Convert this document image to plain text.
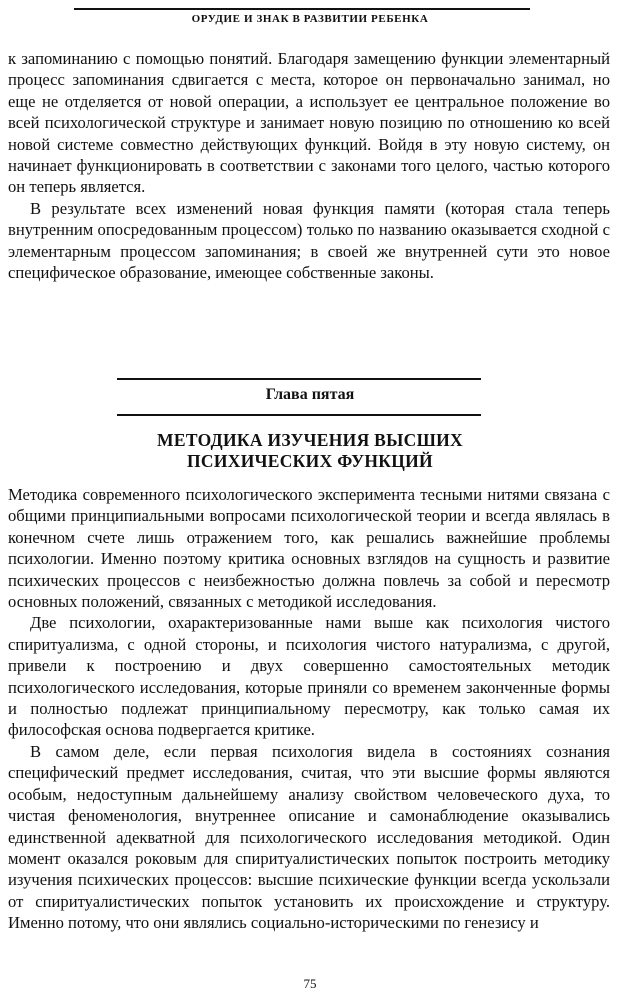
ОРУДИЕ И ЗНАК В РАЗВИТИИ РЕБЕНКА

к запоминанию с помощью понятий. Благодаря замещению функции элементарный процесс запоминания сдвигается с места, которое он первоначально занимал, но еще не отделяется от новой операции, а использует ее центральное положение во всей психологической структуре и занимает новую позицию по отношению ко всей новой системе совместно действующих функций. Войдя в эту новую систему, он начинает функционировать в соответствии с законами того целого, частью которого он теперь является.

В результате всех изменений новая функция памяти (которая стала теперь внутренним опосредованным процессом) только по названию оказывается сходной с элементарным процессом запоминания; в своей же внутренней сути это новое специфическое образование, имеющее собственные законы.

Глава пятая
МЕТОДИКА ИЗУЧЕНИЯ ВЫСШИХ
ПСИХИЧЕСКИХ ФУНКЦИЙ

Методика современного психологического эксперимента тесными нитями связана с общими принципиальными вопросами психологической теории и всегда являлась в конечном счете лишь отражением того, как решались важнейшие проблемы психологии. Именно поэтому критика основных взглядов на сущность и развитие психических процессов с неизбежностью должна повлечь за собой и пересмотр основных положений, связанных с методикой исследования.

Две психологии, охарактеризованные нами выше как психология чистого спиритуализма, с одной стороны, и психология чистого натурализма, с другой, привели к построению и двух совершенно самостоятельных методик психологического исследования, которые приняли со временем законченные формы и полностью подлежат принципиальному пересмотру, как только самая их философская основа подвергается критике.

В самом деле, если первая психология видела в состояниях сознания специфический предмет исследования, считая, что эти высшие формы являются особым, недоступным дальнейшему анализу свойством человеческого духа, то чистая феноменология, внутреннее описание и самонаблюдение оказывались единственной адекватной для психологического исследования методикой. Один момент оказался роковым для спиритуалистических попыток построить методику изучения психических процессов: высшие психические функции всегда ускользали от спиритуалистических попыток установить их происхождение и структуру. Именно потому, что они являлись социально-историческими по генезису и

75
